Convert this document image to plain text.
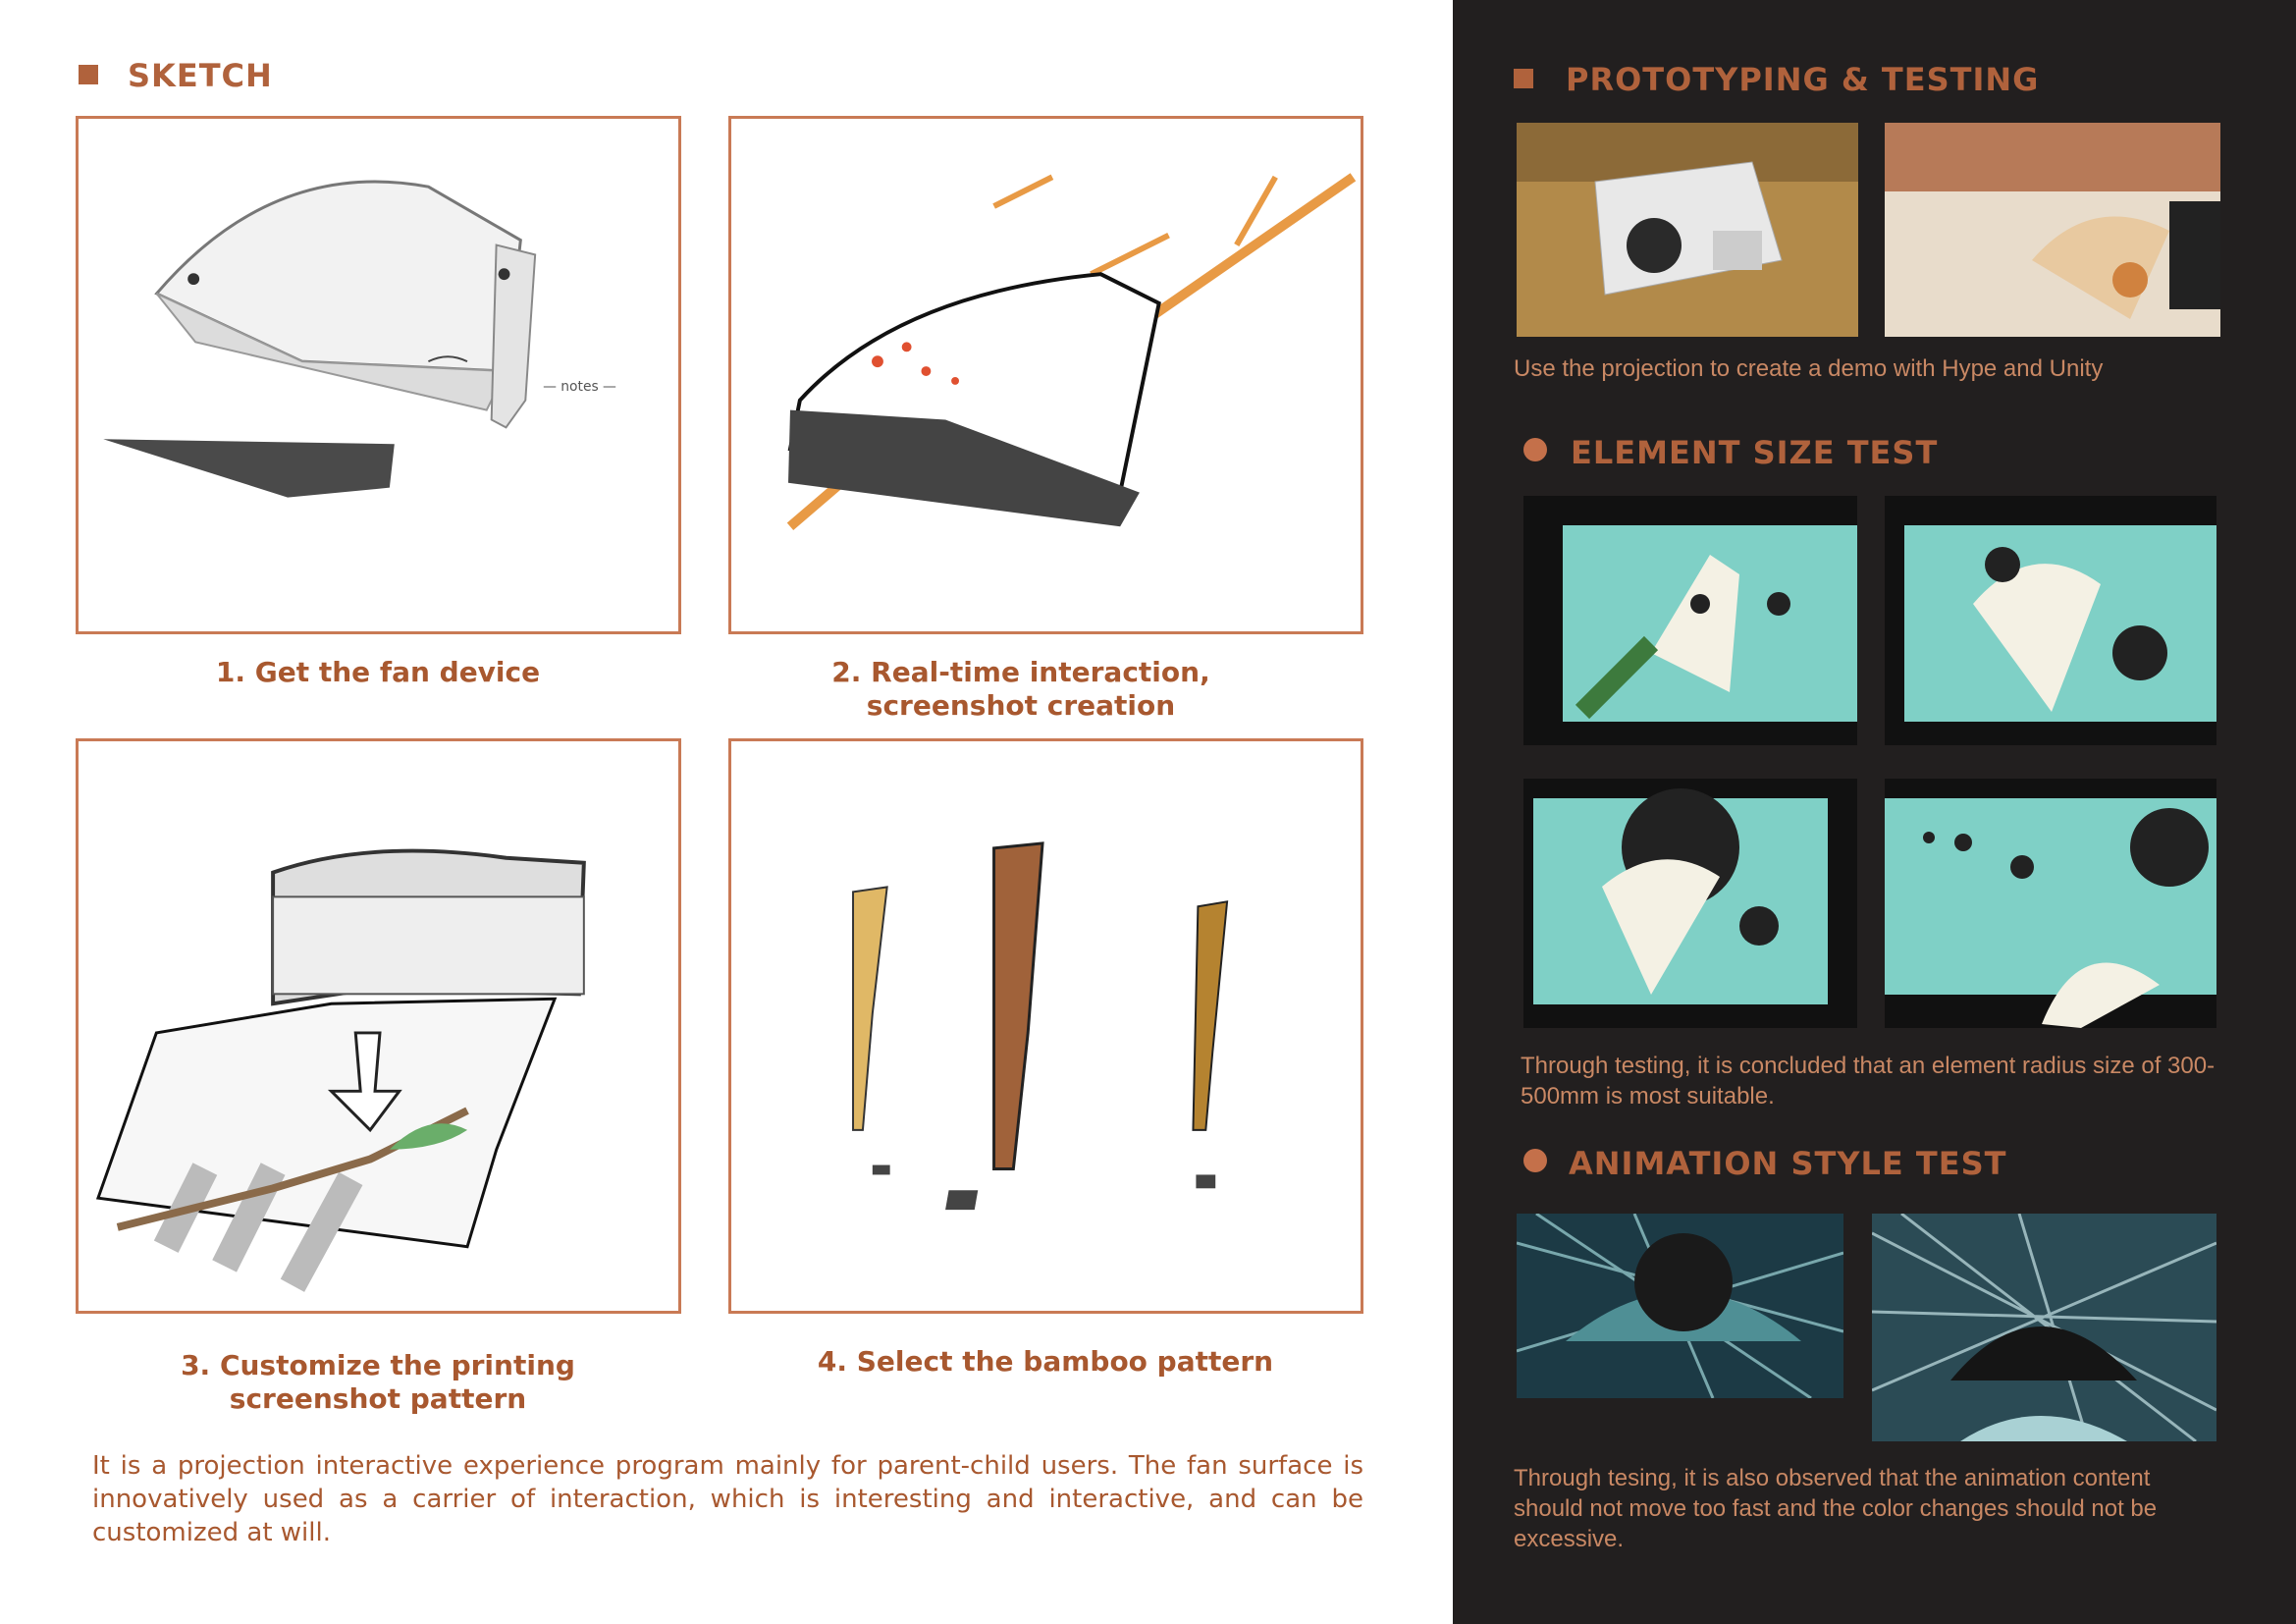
SKETCH
— notes —
1. Get the fan device	2. Real-time interaction,
screenshot creation
3. Customize the printing
screenshot pattern
4. Select the bamboo pattern
It is a projection interactive experience program mainly for parent-child users. The fan surface is innovatively used as a carrier of interaction, which is interesting and interactive, and can be customized at will.
PROTOTYPING & TESTING
Use the projection to create a demo with Hype and Unity
ELEMENT SIZE TEST
Through testing, it is concluded that an element radius size of 300-500mm is most suitable.
ANIMATION STYLE TEST
Through tesing, it is also observed that the animation content should not move too fast and the color changes should not be excessive.
